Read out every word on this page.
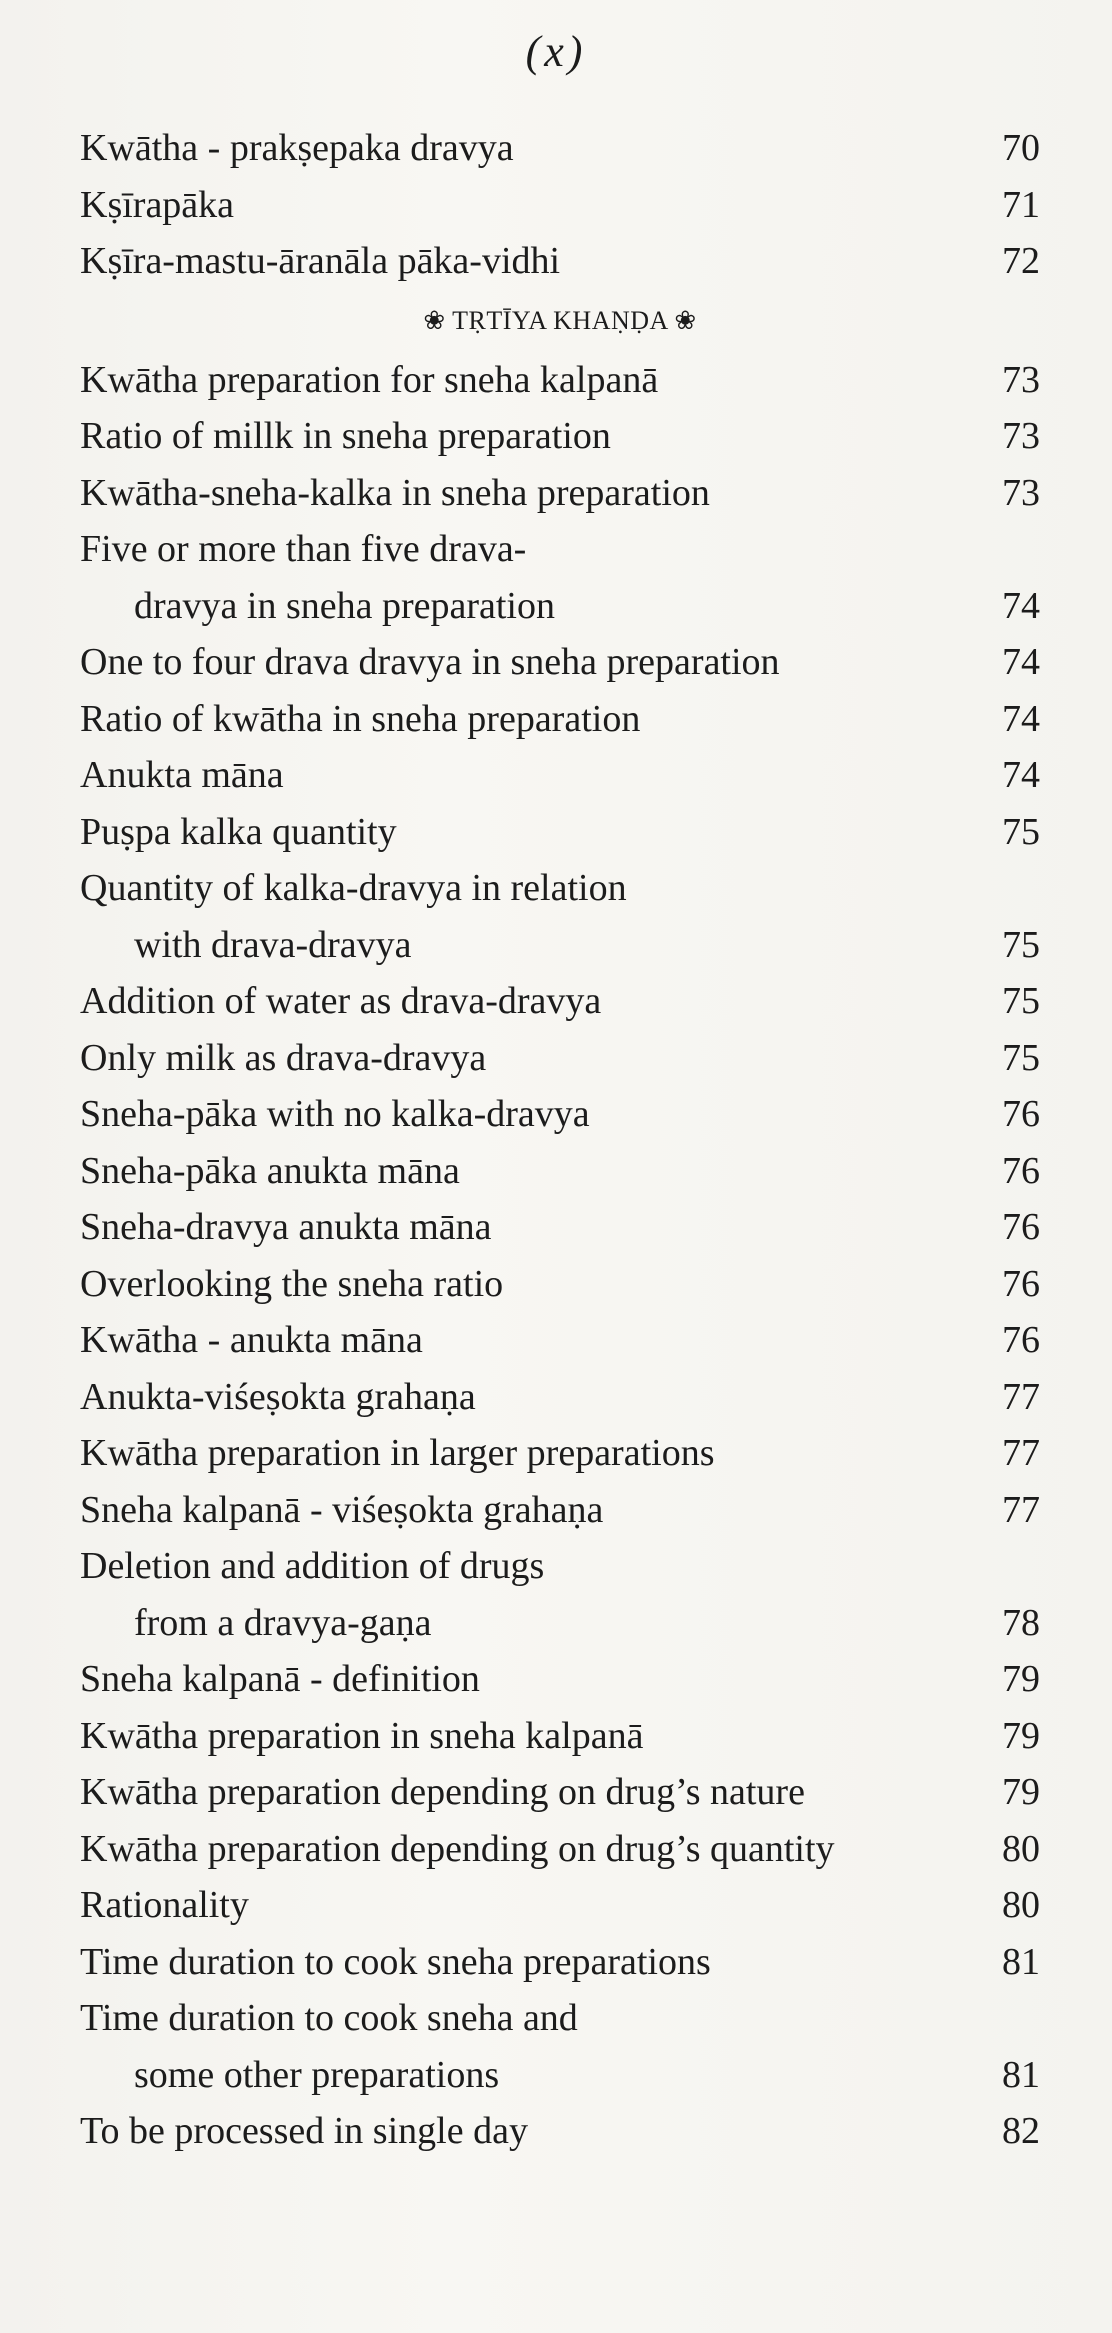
(x)
Kwātha - prakṣepaka dravya	70
Kṣīrapāka	71
Kṣīra-mastu-āranāla pāka-vidhi	72
❀ TṚTĪYA KHAṆḌA ❀
Kwātha preparation for sneha kalpanā	73
Ratio of millk in sneha preparation	73
Kwātha-sneha-kalka in sneha preparation	73
Five or more than five drava-
dravya in sneha preparation	74
One to four drava dravya in sneha preparation	74
Ratio of kwātha in sneha preparation	74
Anukta māna	74
Puṣpa kalka quantity	75
Quantity of kalka-dravya in relation
with drava-dravya	75
Addition of water as drava-dravya	75
Only milk as drava-dravya	75
Sneha-pāka with no kalka-dravya	76
Sneha-pāka anukta māna	76
Sneha-dravya anukta māna	76
Overlooking the sneha ratio	76
Kwātha - anukta māna	76
Anukta-viśeṣokta grahaṇa	77
Kwātha preparation in larger preparations	77
Sneha kalpanā - viśeṣokta grahaṇa	77
Deletion and addition of drugs
from a dravya-gaṇa	78
Sneha kalpanā - definition	79
Kwātha preparation in sneha kalpanā	79
Kwātha preparation depending on drug’s nature	79
Kwātha preparation depending on drug’s quantity	80
Rationality	80
Time duration to cook sneha preparations	81
Time duration to cook sneha and
some other preparations	81
To be processed in single day	82
